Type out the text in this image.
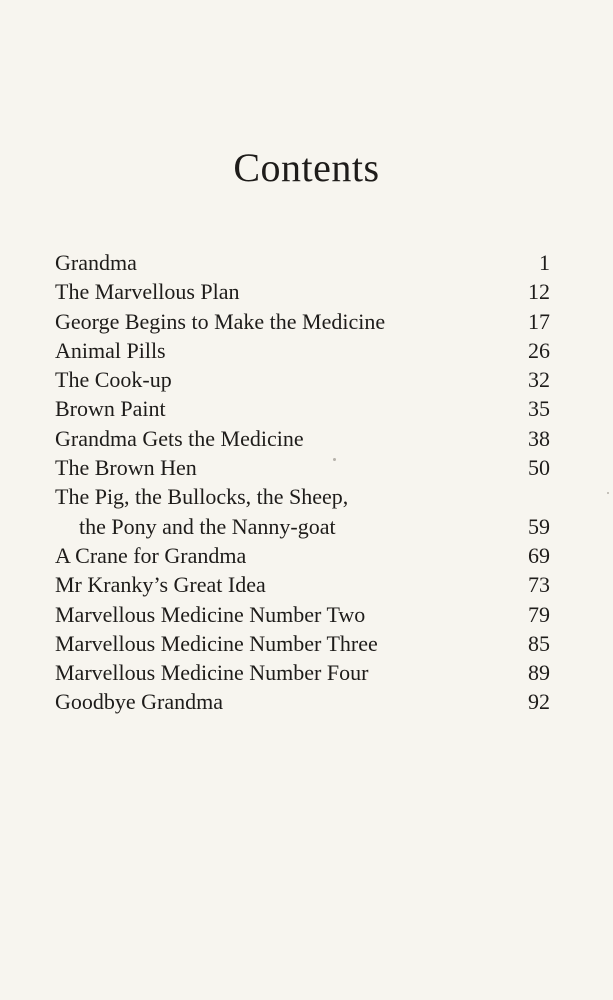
Contents
Grandma	1
The Marvellous Plan	12
George Begins to Make the Medicine	17
Animal Pills	26
The Cook-up	32
Brown Paint	35
Grandma Gets the Medicine	38
The Brown Hen	50
The Pig, the Bullocks, the Sheep,
the Pony and the Nanny-goat	59
A Crane for Grandma	69
Mr Kranky’s Great Idea	73
Marvellous Medicine Number Two	79
Marvellous Medicine Number Three	85
Marvellous Medicine Number Four	89
Goodbye Grandma	92
